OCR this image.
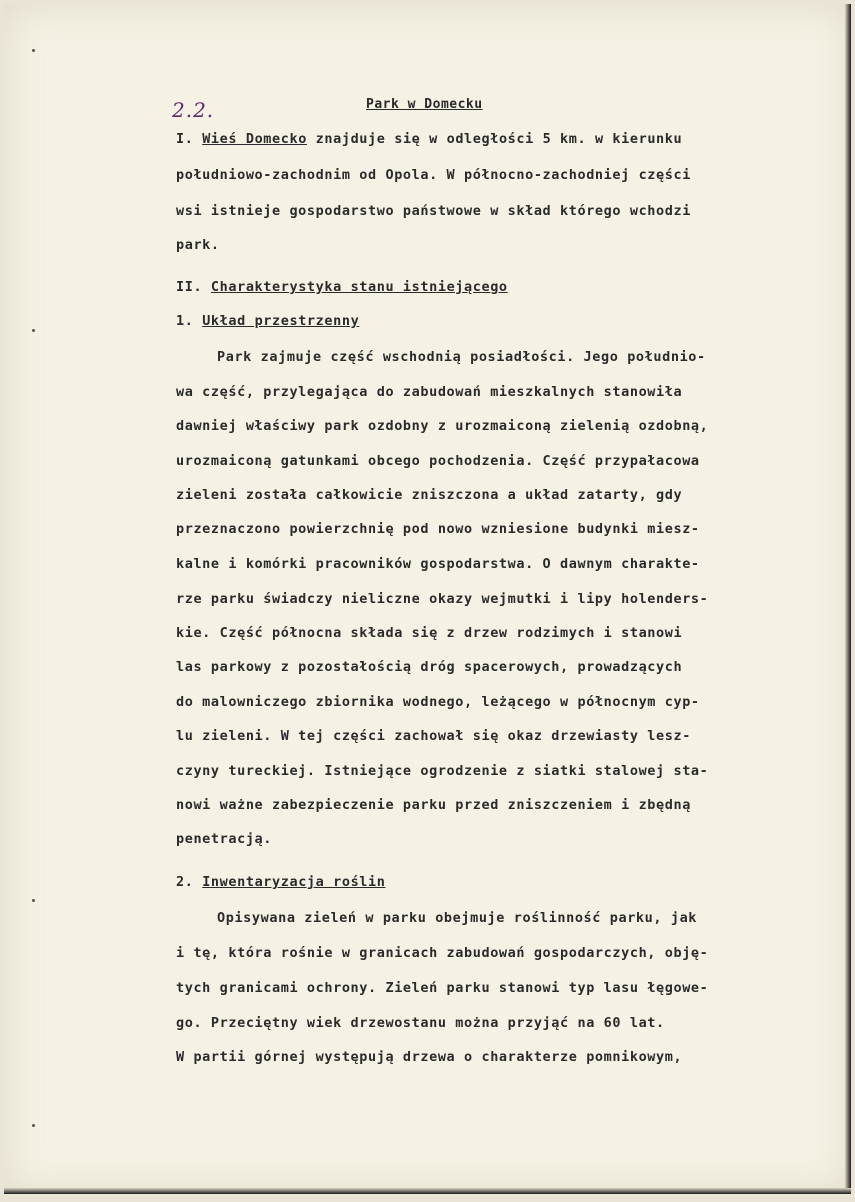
2.2.	Park w Domecku
I. Wieś Domecko znajduje się w odległości 5 km. w kierunku
południowo-zachodnim od Opola. W północno-zachodniej części
wsi istnieje gospodarstwo państwowe w skład którego wchodzi
park.
II. Charakterystyka stanu istniejącego
1. Układ przestrzenny
Park zajmuje część wschodnią posiadłości. Jego południo-
wa część, przylegająca do zabudowań mieszkalnych stanowiła
dawniej właściwy park ozdobny z urozmaiconą zielenią ozdobną,
urozmaiconą gatunkami obcego pochodzenia. Część przypałacowa
zieleni została całkowicie zniszczona a układ zatarty, gdy
przeznaczono powierzchnię pod nowo wzniesione budynki miesz-
kalne i komórki pracowników gospodarstwa. O dawnym charakte-
rze parku świadczy nieliczne okazy wejmutki i lipy holenders-
kie. Część północna składa się z drzew rodzimych i stanowi
las parkowy z pozostałością dróg spacerowych, prowadzących
do malowniczego zbiornika wodnego, leżącego w północnym cyp-
lu zieleni. W tej części zachował się okaz drzewiasty lesz-
czyny tureckiej. Istniejące ogrodzenie z siatki stalowej sta-
nowi ważne zabezpieczenie parku przed zniszczeniem i zbędną
penetracją.
2. Inwentaryzacja roślin
Opisywana zieleń w parku obejmuje roślinność parku, jak
i tę, która rośnie w granicach zabudowań gospodarczych, obję-
tych granicami ochrony. Zieleń parku stanowi typ lasu łęgowe-
go. Przeciętny wiek drzewostanu można przyjąć na 60 lat.
W partii górnej występują drzewa o charakterze pomnikowym,
